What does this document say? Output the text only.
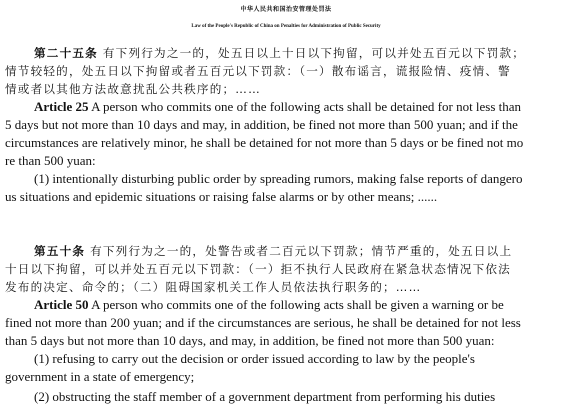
中华人民共和国治安管理处罚法
Law of the People's Republic of China on Penalties for Administration of Public Security
第二十五条 有下列行为之一的，处五日以上十日以下拘留，可以并处五百元以下罚款；
情节较轻的，处五日以下拘留或者五百元以下罚款：（一）散布谣言，谎报险情、疫情、警
情或者以其他方法故意扰乱公共秩序的；……
Article 25 A person who commits one of the following acts shall be detained for not less than
5 days but not more than 10 days and may, in addition, be fined not more than 500 yuan; and if the
circumstances are relatively minor, he shall be detained for not more than 5 days or be fined not mo
re than 500 yuan:
(1) intentionally disturbing public order by spreading rumors, making false reports of dangero
us situations and epidemic situations or raising false alarms or by other means; ......
第五十条 有下列行为之一的，处警告或者二百元以下罚款；情节严重的，处五日以上
十日以下拘留，可以并处五百元以下罚款：（一）拒不执行人民政府在紧急状态情况下依法
发布的决定、命令的；（二）阻碍国家机关工作人员依法执行职务的；……
Article 50 A person who commits one of the following acts shall be given a warning or be
fined not more than 200 yuan; and if the circumstances are serious, he shall be detained for not less
than 5 days but not more than 10 days, and may, in addition, be fined not more than 500 yuan:
(1) refusing to carry out the decision or order issued according to law by the people's
government in a state of emergency;
(2) obstructing the staff member of a government department from performing his duties
